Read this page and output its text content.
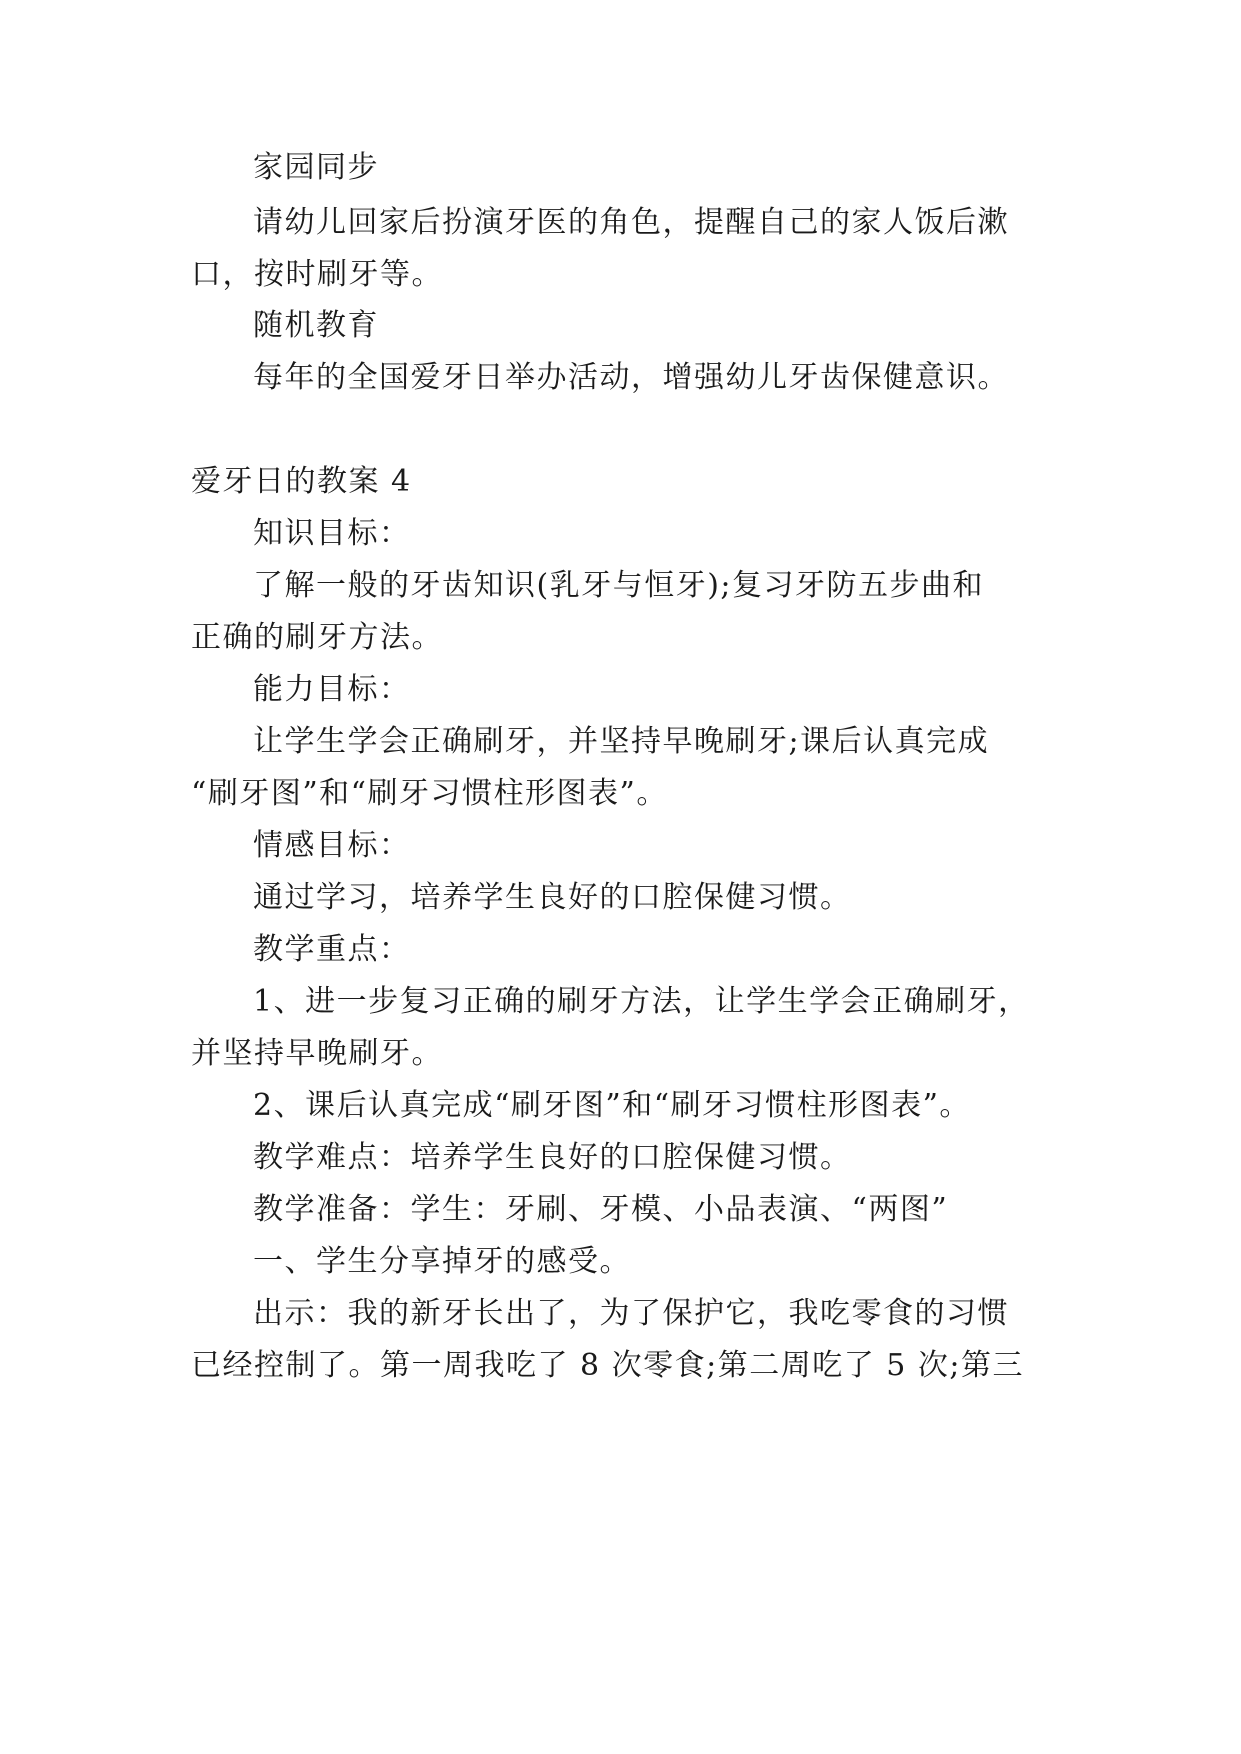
家园同步
请幼儿回家后扮演牙医的角色，提醒自己的家人饭后漱
口，按时刷牙等。
随机教育
每年的全国爱牙日举办活动，增强幼儿牙齿保健意识。
爱牙日的教案 4
知识目标：
了解一般的牙齿知识(乳牙与恒牙);复习牙防五步曲和
正确的刷牙方法。
能力目标：
让学生学会正确刷牙，并坚持早晚刷牙;课后认真完成
“刷牙图”和“刷牙习惯柱形图表”。
情感目标：
通过学习，培养学生良好的口腔保健习惯。
教学重点：
1、进一步复习正确的刷牙方法，让学生学会正确刷牙，
并坚持早晚刷牙。
2、课后认真完成“刷牙图”和“刷牙习惯柱形图表”。
教学难点：培养学生良好的口腔保健习惯。
教学准备：学生：牙刷、牙模、小品表演、“两图”
一、学生分享掉牙的感受。
出示：我的新牙长出了，为了保护它，我吃零食的习惯
已经控制了。第一周我吃了 8 次零食;第二周吃了 5 次;第三
